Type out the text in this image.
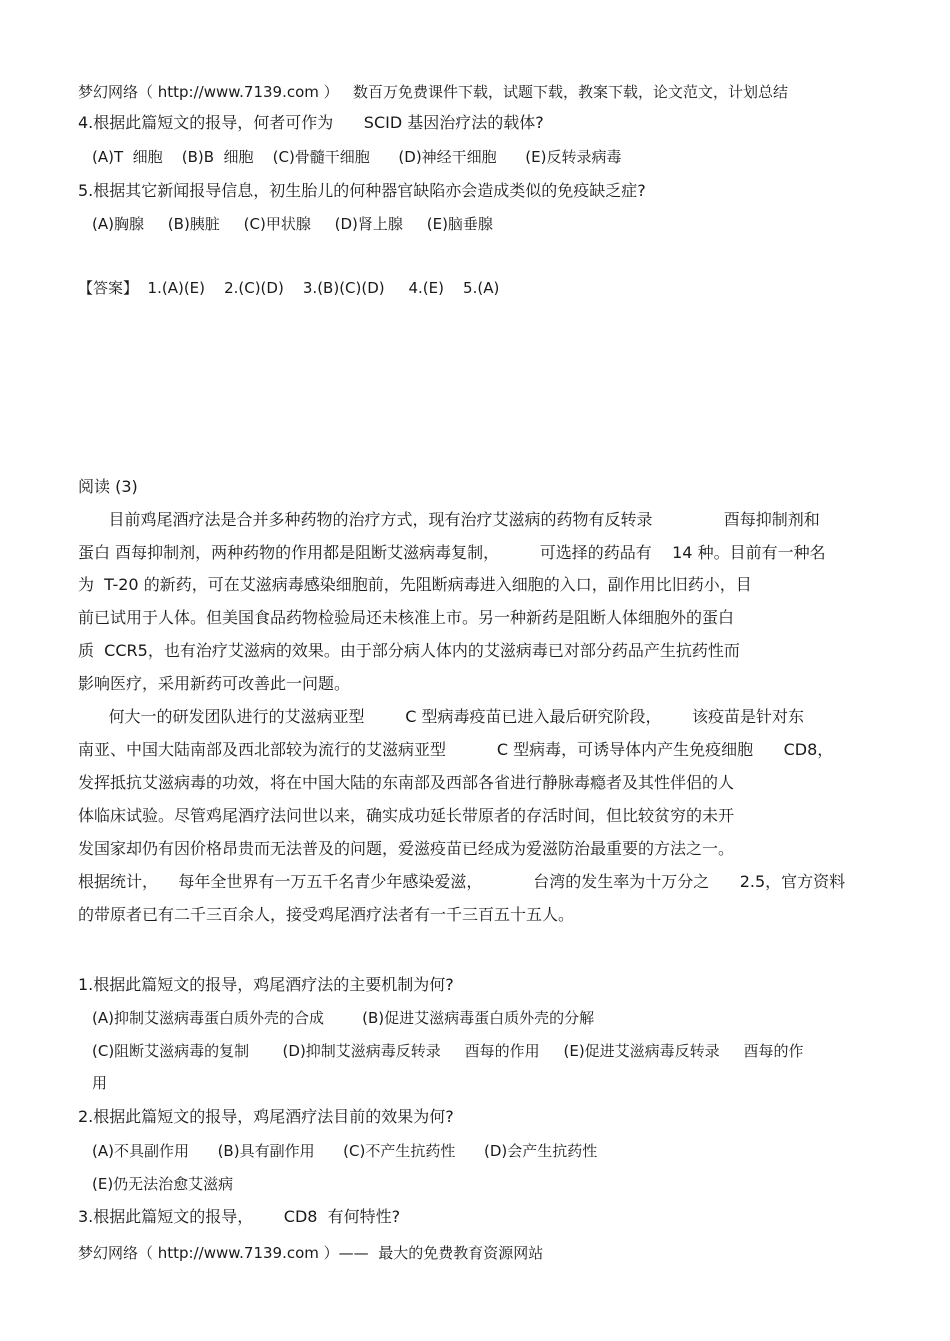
梦幻网络（ http://www.7139.com ）   数百万免费课件下载，试题下载，教案下载，论文范文，计划总结
4.根据此篇短文的报导，何者可作为      SCID 基因治疗法的载体?
(A)T  细胞    (B)B  细胞    (C)骨髓干细胞      (D)神经干细胞      (E)反转录病毒
5.根据其它新闻报导信息，初生胎儿的何种器官缺陷亦会造成类似的免疫缺乏症?
(A)胸腺     (B)胰脏     (C)甲状腺     (D)肾上腺     (E)脑垂腺
【答案】  1.(A)(E)    2.(C)(D)    3.(B)(C)(D)     4.(E)    5.(A)
阅读 (3)
目前鸡尾酒疗法是合并多种药物的治疗方式，现有治疗艾滋病的药物有反转录              酉每抑制剂和
蛋白 酉每抑制剂，两种药物的作用都是阻断艾滋病毒复制，        可选择的药品有    14 种。目前有一种名
为  T-20 的新药，可在艾滋病毒感染细胞前，先阻断病毒进入细胞的入口，副作用比旧药小，目
前已试用于人体。但美国食品药物检验局还未核准上市。另一种新药是阻断人体细胞外的蛋白
质  CCR5，也有治疗艾滋病的效果。由于部分病人体内的艾滋病毒已对部分药品产生抗药性而
影响医疗，采用新药可改善此一问题。
何大一的研发团队进行的艾滋病亚型        C 型病毒疫苗已进入最后研究阶段，      该疫苗是针对东
南亚、中国大陆南部及西北部较为流行的艾滋病亚型          C 型病毒，可诱导体内产生免疫细胞      CD8，
发挥抵抗艾滋病毒的功效，将在中国大陆的东南部及西部各省进行静脉毒瘾者及其性伴侣的人
体临床试验。尽管鸡尾酒疗法问世以来，确实成功延长带原者的存活时间，但比较贫穷的未开
发国家却仍有因价格昂贵而无法普及的问题，爱滋疫苗已经成为爱滋防治最重要的方法之一。
根据统计，    每年全世界有一万五千名青少年感染爱滋，          台湾的发生率为十万分之      2.5，官方资料
的带原者已有二千三百余人，接受鸡尾酒疗法者有一千三百五十五人。
1.根据此篇短文的报导，鸡尾酒疗法的主要机制为何?
(A)抑制艾滋病毒蛋白质外壳的合成        (B)促进艾滋病毒蛋白质外壳的分解
(C)阻断艾滋病毒的复制       (D)抑制艾滋病毒反转录     酉每的作用     (E)促进艾滋病毒反转录     酉每的作
用
2.根据此篇短文的报导，鸡尾酒疗法目前的效果为何?
(A)不具副作用      (B)具有副作用      (C)不产生抗药性      (D)会产生抗药性
(E)仍无法治愈艾滋病
3.根据此篇短文的报导，      CD8  有何特性?
梦幻网络（ http://www.7139.com ）——  最大的免费教育资源网站
